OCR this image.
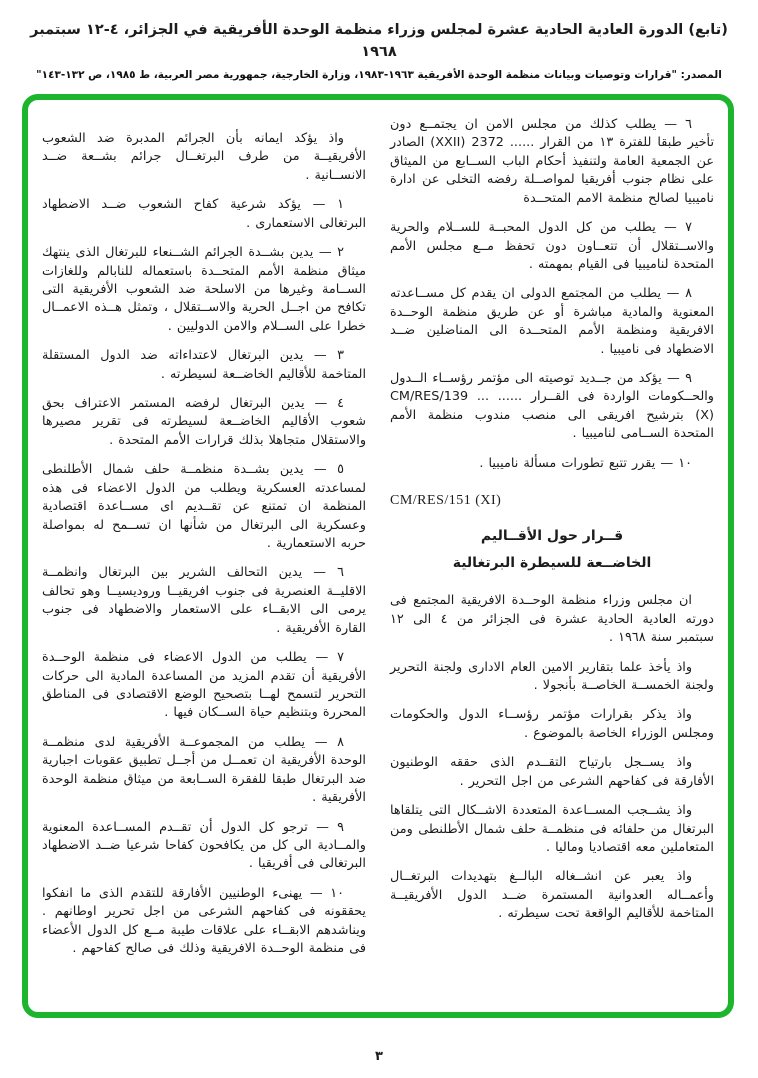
(تابع) الدورة العادية الحادية عشرة لمجلس وزراء منظمة الوحدة الأفريقية في الجزائر، ٤-١٢ سبتمبر ١٩٦٨
المصدر: "قرارات وتوصيات وبيانات منظمة الوحدة الأفريقية ١٩٦٣-١٩٨٣، وزارة الخارجية، جمهورية مصر العربية، ط ١٩٨٥، ص ١٣٢-١٤٣"

٦ — يطلب كذلك من مجلس الامن ان يجتمــع دون تأخير طبقا للفترة ١٣ من القرار ...... ‏2372 (XXII) الصادر عن الجمعية العامة ولتنفيذ أحكام الباب الســابع من الميثاق على نظام جنوب أفريقيا لمواصــلة رفضه التخلى عن ادارة ناميبيا لصالح منظمة الامم المتحــدة

٧ — يطلب من كل الدول المحبــة للســلام والحرية والاســتقلال أن تتعــاون دون تحفظ مــع مجلس الأمم المتحدة لناميبيا فى القيام بمهمته .

٨ — يطلب من المجتمع الدولى ان يقدم كل مســاعدته المعنوية والمادية مباشرة أو عن طريق منظمة الوحــدة الافريقية ومنظمة الأمم المتحــدة الى المناضلين ضــد الاضطهاد فى ناميبيا .

٩ — يؤكد من جــديد توصيته الى مؤتمر رؤســاء الــدول والحــكومات الواردة فى القــرار ...... ... ‏CM/RES/139 (X) بترشيح افريقى الى منصب مندوب منظمة الأمم المتحدة الســامى لناميبيا .

١٠ — يقرر تتبع تطورات مسألة ناميبيا .

CM/RES/151 (XI)
قــرار حول الأقــاليم
الخاضــعة للسيطرة البرتغالية

ان مجلس وزراء منظمة الوحــدة الافريقية المجتمع فى دورته العادية الحادية عشرة فى الجزائر من ٤ الى ١٢ سبتمبر سنة ١٩٦٨ .

واذ يأخذ علما بتقارير الامين العام الادارى ولجنة التحرير ولجنة الخمســة الخاصــة بأنجولا .

واذ يذكر بقرارات مؤتمر رؤســاء الدول والحكومات ومجلس الوزراء الخاصة بالموضوع .

واذ يســجل بارتياح التقــدم الذى حققه الوطنيون الأفارقة فى كفاحهم الشرعى من اجل التحرير .

واذ يشــجب المســاعدة المتعددة الاشــكال التى يتلقاها البرتغال من حلفائه فى منظمــة حلف شمال الأطلنطى ومن المتعاملين معه اقتصاديا وماليا .

واذ يعبر عن انشــغاله البالــغ بتهديدات البرتغــال وأعمــاله العدوانية المستمرة ضــد الدول الأفريقيــة المتاخمة للأقاليم الواقعة تحت سيطرته .

واذ يؤكد ايمانه بأن الجرائم المدبرة ضد الشعوب الأفريقيــة من طرف البرتغــال جرائم بشــعة ضــد الانســانية .

١ — يؤكد شرعية كفاح الشعوب ضــد الاضطهاد البرتغالى الاستعمارى .

٢ — يدين بشــدة الجرائم الشــنعاء للبرتغال الذى ينتهك ميثاق منظمة الأمم المتحــدة باستعماله للنابالم وللغازات الســامة وغيرها من الاسلحة ضد الشعوب الأفريقية التى تكافح من اجــل الحرية والاســتقلال ، وتمثل هــذه الاعمــال خطرا على الســلام والامن الدوليين .

٣ — يدين البرتغال لاعتداءاته ضد الدول المستقلة المتاخمة للأقاليم الخاضــعة لسيطرته .

٤ — يدين البرتغال لرفضه المستمر الاعتراف بحق شعوب الأقاليم الخاضــعة لسيطرته فى تقرير مصيرها والاستقلال متجاهلا بذلك قرارات الأمم المتحدة .

٥ — يدين بشــدة منظمــة حلف شمال الأطلنطى لمساعدته العسكرية ويطلب من الدول الاعضاء فى هذه المنظمة ان تمتنع عن تقــديم اى مســاعدة اقتصادية وعسكرية الى البرتغال من شأنها ان تســمح له بمواصلة حربه الاستعمارية .

٦ — يدين التحالف الشرير بين البرتغال وانظمــة الاقليــة العنصرية فى جنوب افريقيــا وروديسيــا وهو تحالف يرمى الى الابقــاء على الاستعمار والاضطهاد فى جنوب القارة الأفريقية .

٧ — يطلب من الدول الاعضاء فى منظمة الوحــدة الأفريقية أن تقدم المزيد من المساعدة المادية الى حركات التحرير لتسمح لهــا بتصحيح الوضع الاقتصادى فى المناطق المحررة وبتنظيم حياة الســكان فيها .

٨ — يطلب من المجموعــة الأفريقية لدى منظمــة الوحدة الأفريقية ان تعمــل من أجــل تطبيق عقوبات اجبارية ضد البرتغال طبقا للفقرة الســابعة من ميثاق منظمة الوحدة الأفريقية .

٩ — ترجو كل الدول أن تقــدم المســاعدة المعنوية والمــادية الى كل من يكافحون كفاحا شرعيا ضــد الاضطهاد البرتغالى فى أفريقيا .

١٠ — يهنىء الوطنيين الأفارقة للتقدم الذى ما انفكوا يحققونه فى كفاحهم الشرعى من اجل تحرير اوطانهم . ويناشدهم الابقــاء على علاقات طيبة مــع كل الدول الأعضاء فى منظمة الوحــدة الافريقية وذلك فى صالح كفاحهم .

٣
